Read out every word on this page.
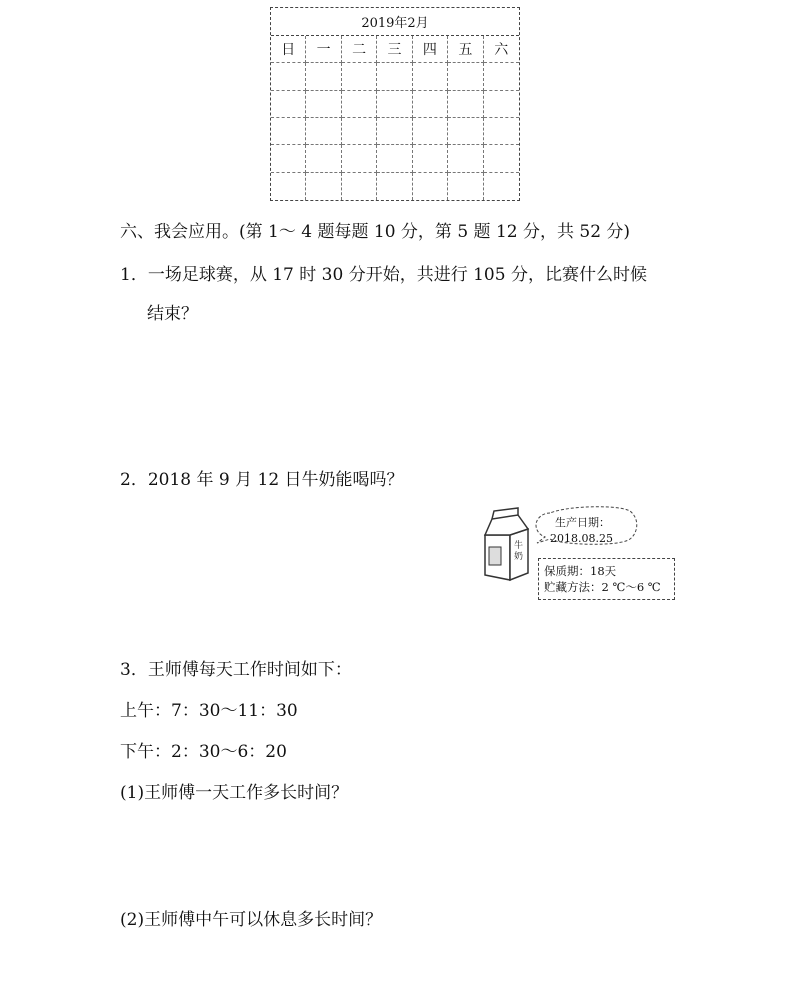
2019年2月
日	一	二	三	四	五	六
六、我会应用。(第 1～ 4 题每题 10 分，第 5 题 12 分，共 52 分)
1．一场足球赛，从 17 时 30 分开始，共进行 105 分，比赛什么时候
结束？
2．2018 年 9 月 12 日牛奶能喝吗？
牛
奶
生产日期：
2018.08.25
保质期：18天
贮藏方法：2 ℃～6 ℃
3．王师傅每天工作时间如下：
上午：7：30～11：30
下午：2：30～6：20
(1)王师傅一天工作多长时间？
(2)王师傅中午可以休息多长时间？
